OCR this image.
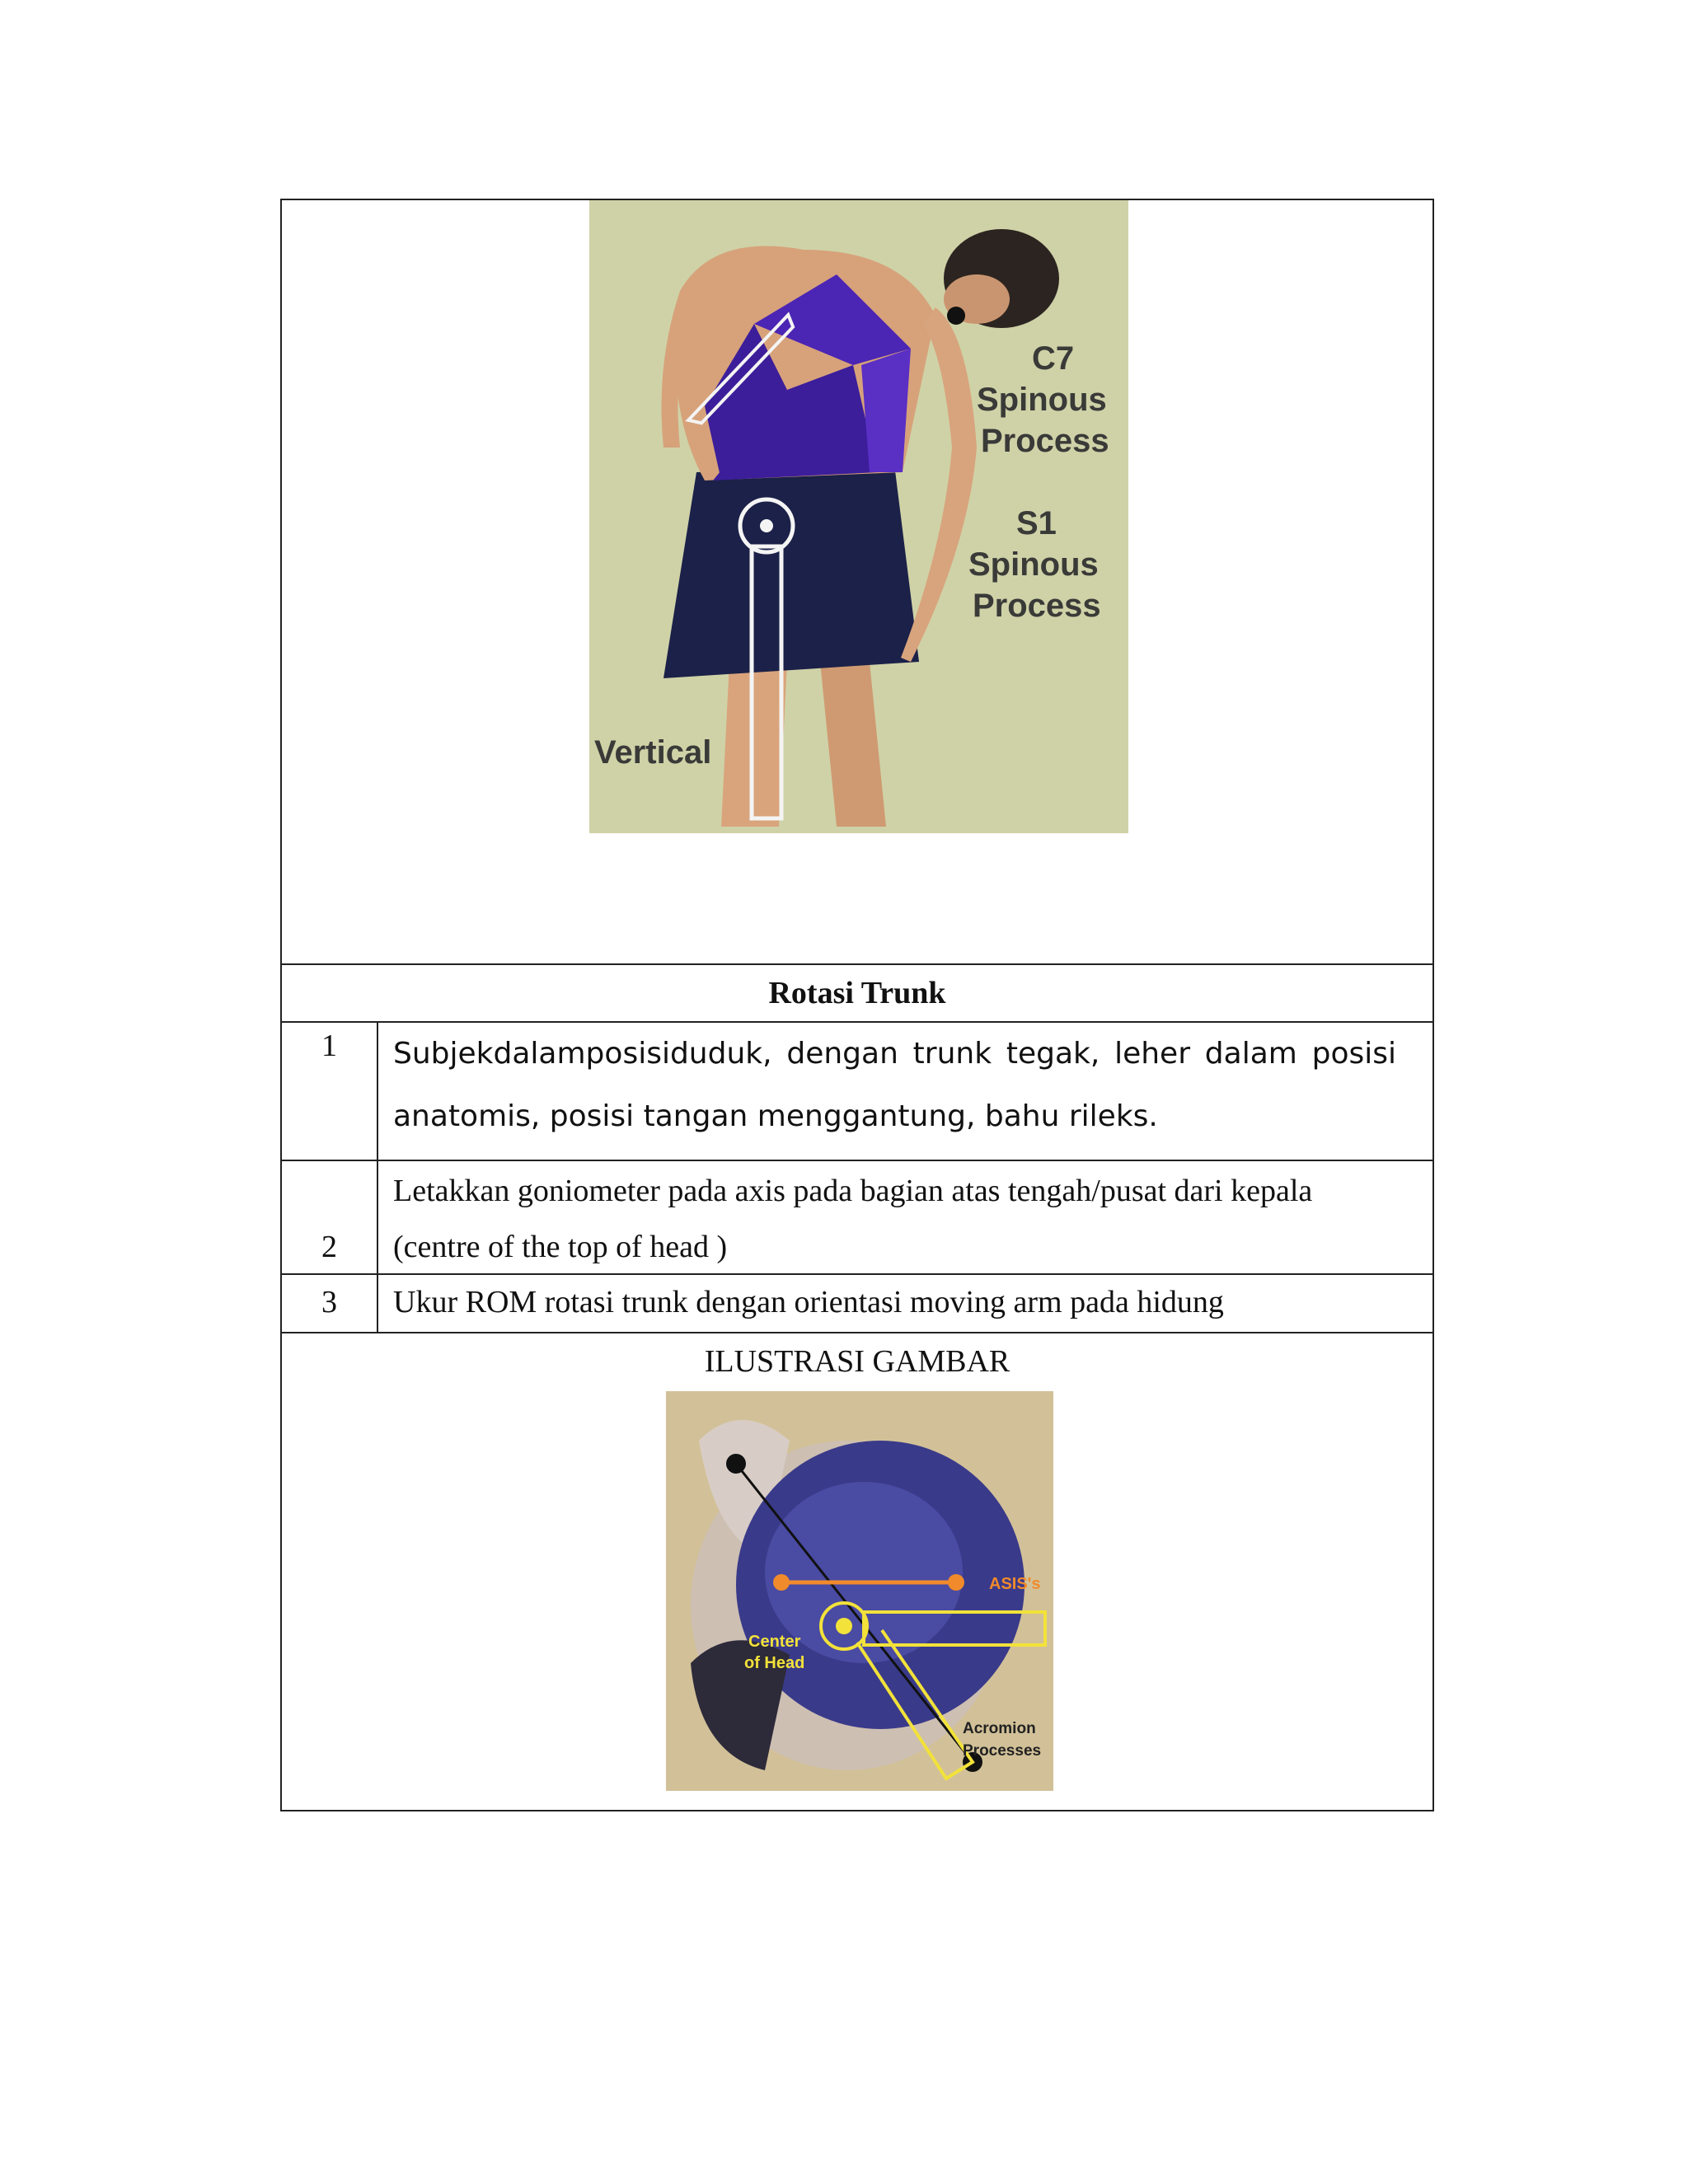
C7
Spinous
Process
S1
Spinous
Process
Vertical
Rotasi Trunk
1	Subjekdalamposisiduduk, dengan trunk tegak, leher dalam posisi anatomis, posisi tangan menggantung, bahu rileks.
2
Letakkan goniometer pada axis pada bagian atas tengah/pusat dari kepala (centre of the top of head )
3	Ukur ROM rotasi trunk dengan orientasi moving arm pada hidung
ILUSTRASI GAMBAR
ASIS's
Center
of Head
Acromion
Processes
